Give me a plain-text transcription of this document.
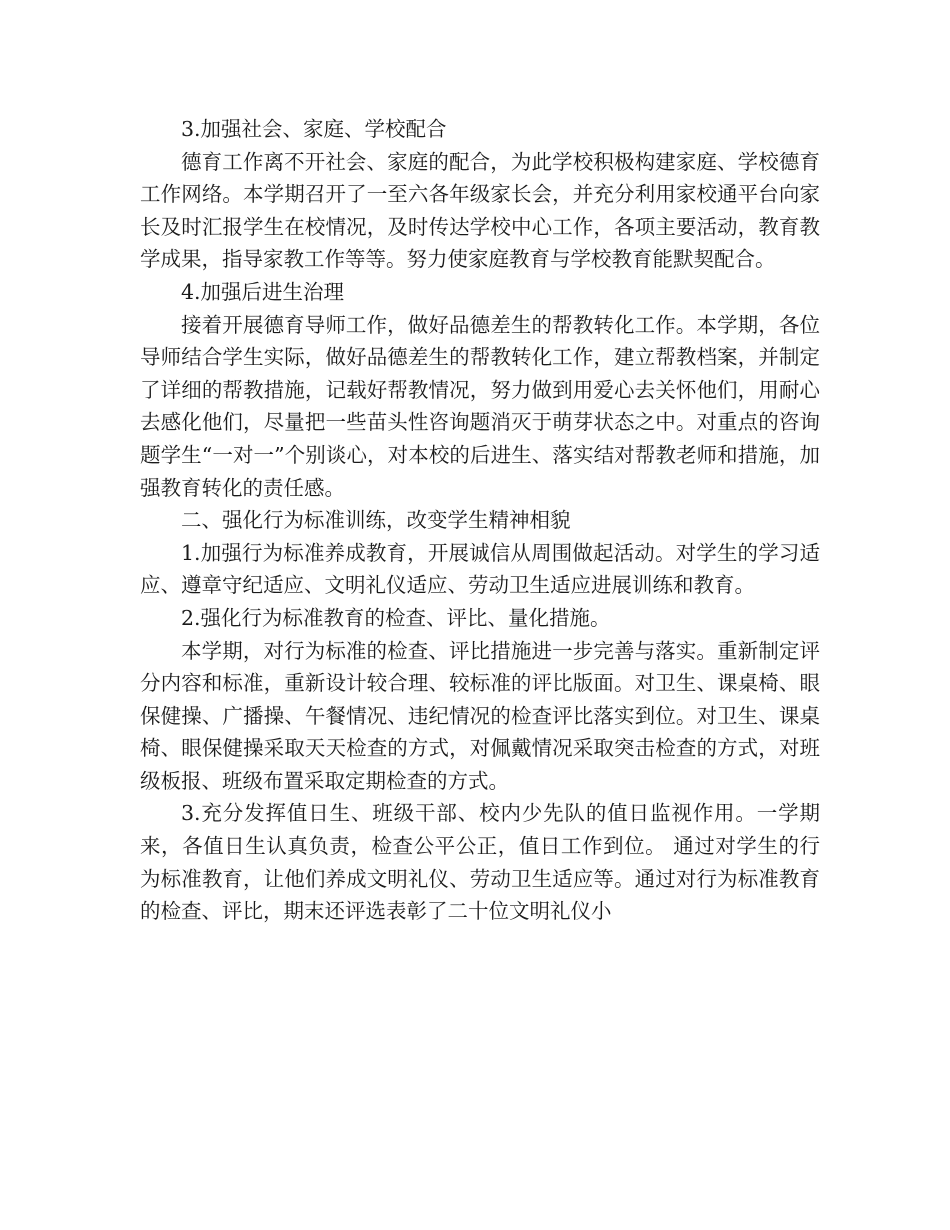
3.加强社会、家庭、学校配合

德育工作离不开社会、家庭的配合，为此学校积极构建家庭、学校德育工作网络。本学期召开了一至六各年级家长会，并充分利用家校通平台向家长及时汇报学生在校情况，及时传达学校中心工作，各项主要活动，教育教学成果，指导家教工作等等。努力使家庭教育与学校教育能默契配合。

4.加强后进生治理

接着开展德育导师工作，做好品德差生的帮教转化工作。本学期，各位导师结合学生实际，做好品德差生的帮教转化工作，建立帮教档案，并制定了详细的帮教措施，记载好帮教情况，努力做到用爱心去关怀他们，用耐心去感化他们，尽量把一些苗头性咨询题消灭于萌芽状态之中。对重点的咨询题学生“一对一”个别谈心，对本校的后进生、落实结对帮教老师和措施，加强教育转化的责任感。

二、强化行为标准训练，改变学生精神相貌

1.加强行为标准养成教育，开展诚信从周围做起活动。对学生的学习适应、遵章守纪适应、文明礼仪适应、劳动卫生适应进展训练和教育。

2.强化行为标准教育的检查、评比、量化措施。

本学期，对行为标准的检查、评比措施进一步完善与落实。重新制定评分内容和标准，重新设计较合理、较标准的评比版面。对卫生、课桌椅、眼保健操、广播操、午餐情况、违纪情况的检查评比落实到位。对卫生、课桌椅、眼保健操采取天天检查的方式，对佩戴情况采取突击检查的方式，对班级板报、班级布置采取定期检查的方式。

3.充分发挥值日生、班级干部、校内少先队的值日监视作用。一学期来，各值日生认真负责，检查公平公正，值日工作到位。 通过对学生的行为标准教育，让他们养成文明礼仪、劳动卫生适应等。通过对行为标准教育的检查、评比，期末还评选表彰了二十位文明礼仪小
